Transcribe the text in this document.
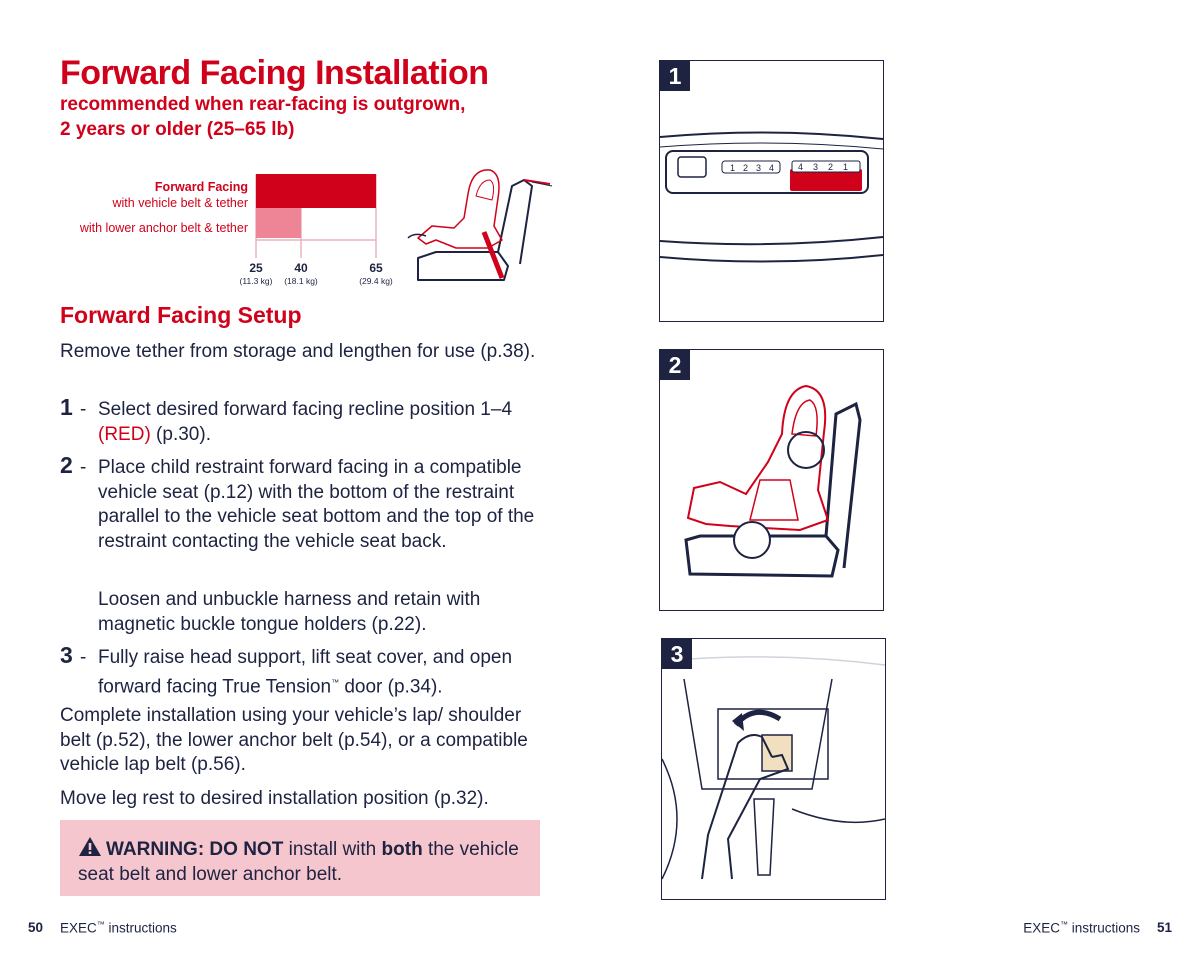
Forward Facing Installation
recommended when rear-facing is outgrown,
2 years or older (25–65 lb)
Forward Facing
with vehicle belt & tether
with lower anchor belt & tether
25
(11.3 kg)
40
(18.1 kg)
65
(29.4 kg)
Forward Facing Setup
Remove tether from storage and lengthen for use (p.38).
1 - Select desired forward facing recline position 1–4 (RED) (p.30).
2 - Place child restraint forward facing in a compatible vehicle seat (p.12) with the bottom of the restraint parallel to the vehicle seat bottom and the top of the restraint contacting the vehicle seat back.
Loosen and unbuckle harness and retain with magnetic buckle tongue holders (p.22).
3 - Fully raise head support, lift seat cover, and open forward facing True Tension™ door (p.34).
Complete installation using your vehicle’s lap/ shoulder belt (p.52), the lower anchor belt (p.54), or a compatible vehicle lap belt (p.56).
Move leg rest to desired installation position (p.32).
WARNING: DO NOT install with both the vehicle seat belt and lower anchor belt.
50 EXEC™ instructions	EXEC™ instructions 51
1
1 2 3 4	4 3 2 1
2
3
